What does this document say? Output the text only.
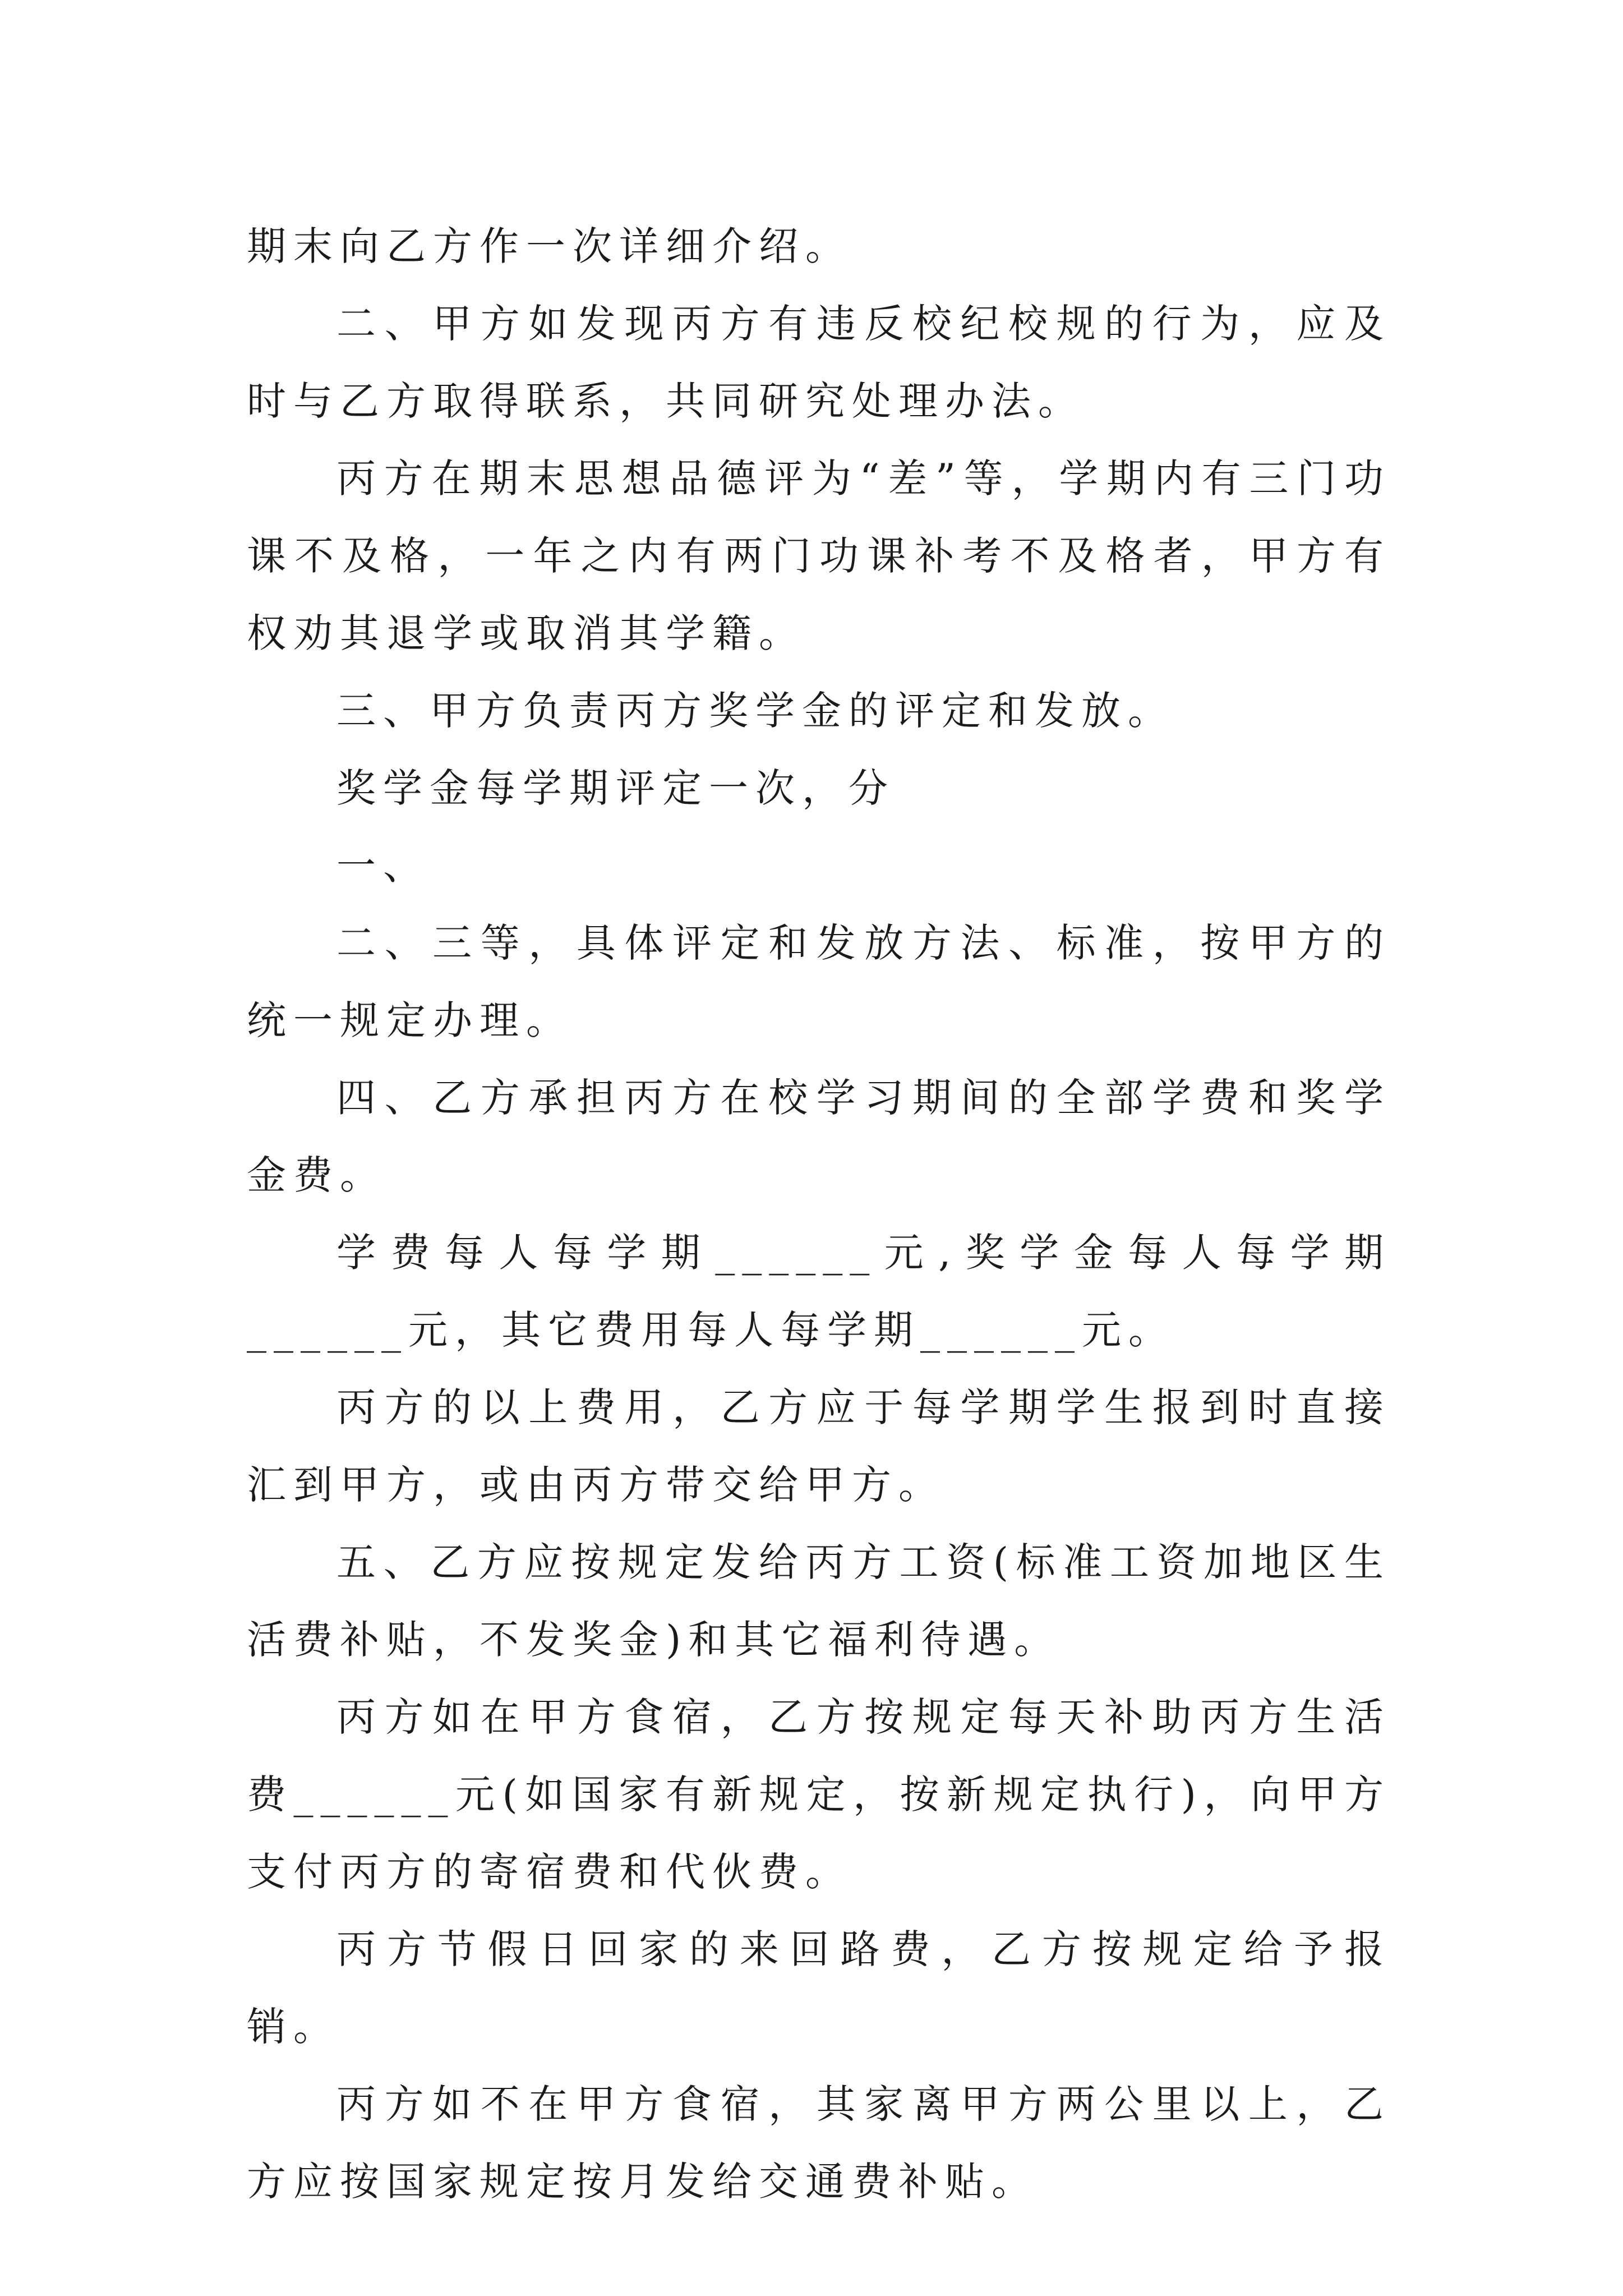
期末向乙方作一次详细介绍。

二、甲方如发现丙方有违反校纪校规的行为，应及时与乙方取得联系，共同研究处理办法。

丙方在期末思想品德评为“差”等，学期内有三门功课不及格，一年之内有两门功课补考不及格者，甲方有权劝其退学或取消其学籍。

三、甲方负责丙方奖学金的评定和发放。

奖学金每学期评定一次，分

一、

二、三等，具体评定和发放方法、标准，按甲方的统一规定办理。

四、乙方承担丙方在校学习期间的全部学费和奖学金费。

学费每人每学期______元,奖学金每人每学期______元，其它费用每人每学期______元。

丙方的以上费用，乙方应于每学期学生报到时直接汇到甲方，或由丙方带交给甲方。

五、乙方应按规定发给丙方工资(标准工资加地区生活费补贴，不发奖金)和其它福利待遇。

丙方如在甲方食宿，乙方按规定每天补助丙方生活费______元(如国家有新规定，按新规定执行)，向甲方支付丙方的寄宿费和代伙费。

丙方节假日回家的来回路费，乙方按规定给予报销。

丙方如不在甲方食宿，其家离甲方两公里以上，乙方应按国家规定按月发给交通费补贴。
